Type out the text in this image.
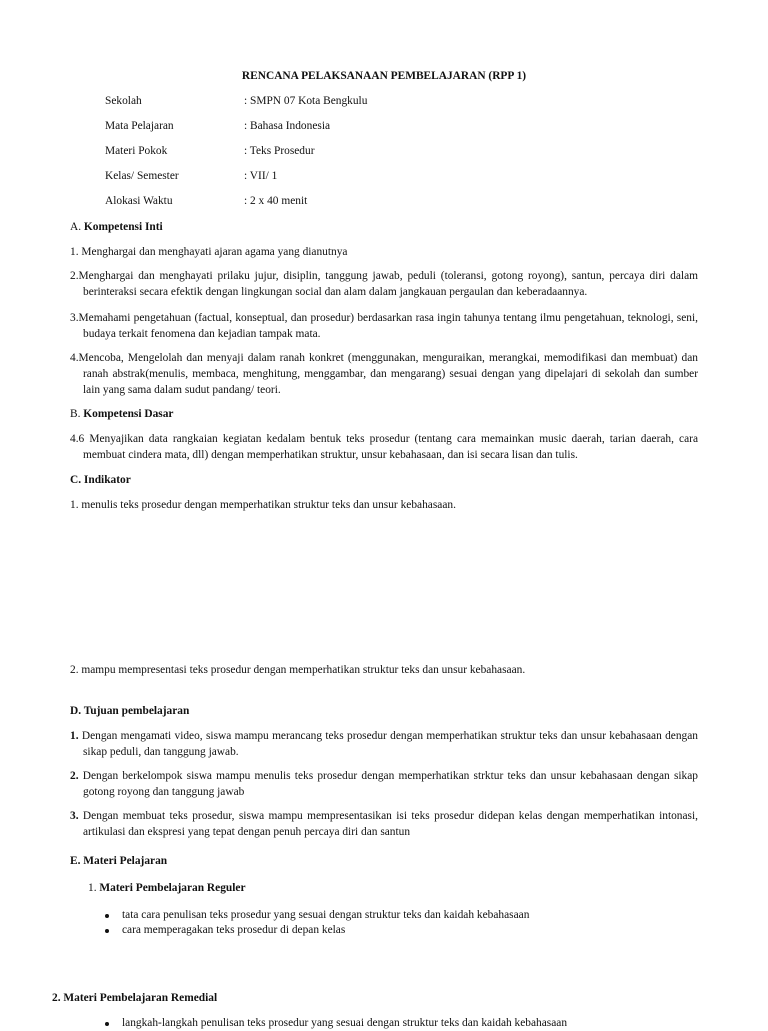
RENCANA PELAKSANAAN PEMBELAJARAN (RPP 1)
Sekolah	: SMPN 07 Kota Bengkulu
Mata Pelajaran	: Bahasa Indonesia
Materi Pokok	: Teks Prosedur
Kelas/ Semester	: VII/ 1
Alokasi Waktu	: 2 x 40 menit
A. Kompetensi Inti
1. Menghargai dan menghayati ajaran agama yang dianutnya
2.Menghargai dan menghayati prilaku jujur, disiplin, tanggung jawab, peduli (toleransi, gotong royong), santun, percaya diri dalam berinteraksi secara efektik dengan lingkungan social dan alam dalam jangkauan pergaulan dan keberadaannya.
3.Memahami pengetahuan (factual, konseptual, dan prosedur) berdasarkan rasa ingin tahunya tentang ilmu pengetahuan, teknologi, seni, budaya terkait fenomena dan kejadian tampak mata.
4.Mencoba, Mengelolah dan menyaji dalam ranah konkret (menggunakan, menguraikan, merangkai, memodifikasi dan membuat) dan ranah abstrak(menulis, membaca, menghitung, menggambar, dan mengarang) sesuai dengan yang dipelajari di sekolah dan sumber lain yang sama dalam sudut pandang/ teori.
B. Kompetensi Dasar
4.6 Menyajikan data rangkaian kegiatan kedalam bentuk teks prosedur (tentang cara memainkan music daerah, tarian daerah, cara membuat cindera mata, dll) dengan memperhatikan struktur, unsur kebahasaan, dan isi secara lisan dan tulis.
C. Indikator
1. menulis teks prosedur dengan memperhatikan struktur teks dan unsur kebahasaan.
2. mampu mempresentasi teks prosedur dengan memperhatikan struktur teks dan unsur kebahasaan.
D. Tujuan pembelajaran
1. Dengan mengamati video, siswa mampu merancang teks prosedur dengan memperhatikan struktur teks dan unsur kebahasaan dengan sikap peduli, dan tanggung jawab.
2. Dengan berkelompok siswa mampu menulis teks prosedur dengan memperhatikan strktur teks dan unsur kebahasaan dengan sikap gotong royong dan tanggung jawab
3. Dengan membuat teks prosedur, siswa mampu mempresentasikan isi teks prosedur didepan kelas dengan memperhatikan intonasi, artikulasi dan ekspresi yang tepat dengan penuh percaya diri dan santun
E. Materi Pelajaran
1. Materi Pembelajaran Reguler
tata cara penulisan teks prosedur yang sesuai dengan struktur teks dan kaidah kebahasaan
cara memperagakan teks prosedur di depan kelas
2. Materi Pembelajaran Remedial
langkah-langkah penulisan teks prosedur yang sesuai dengan struktur teks dan kaidah kebahasaan
